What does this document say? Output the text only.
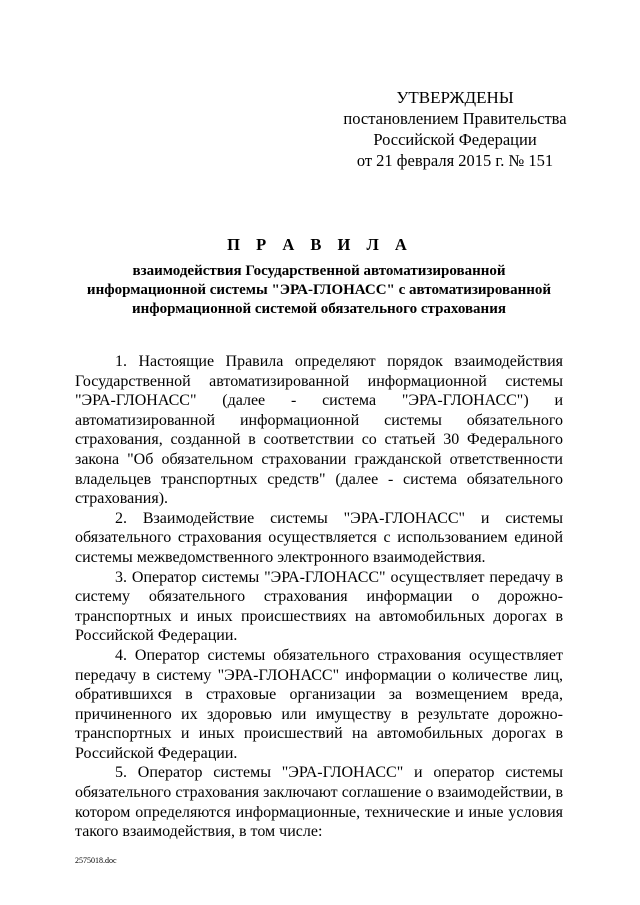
УТВЕРЖДЕНЫ
постановлением Правительства
Российской Федерации
от 21 февраля 2015 г. № 151
П Р А В И Л А
взаимодействия Государственной автоматизированной информационной системы "ЭРА-ГЛОНАСС" с автоматизированной информационной системой обязательного страхования

1. Настоящие Правила определяют порядок взаимодействия Государственной автоматизированной информационной системы "ЭРА-ГЛОНАСС" (далее - система "ЭРА-ГЛОНАСС") и автоматизированной информационной системы обязательного страхования, созданной в соответствии со статьей 30 Федерального закона "Об обязательном страховании гражданской ответственности владельцев транспортных средств" (далее - система обязательного страхования).

2. Взаимодействие системы "ЭРА-ГЛОНАСС" и системы обязательного страхования осуществляется с использованием единой системы межведомственного электронного взаимодействия.

3. Оператор системы "ЭРА-ГЛОНАСС" осуществляет передачу в систему обязательного страхования информации о дорожно-транспортных и иных происшествиях на автомобильных дорогах в Российской Федерации.

4. Оператор системы обязательного страхования осуществляет передачу в систему "ЭРА-ГЛОНАСС" информации о количестве лиц, обратившихся в страховые организации за возмещением вреда, причиненного их здоровью или имуществу в результате дорожно-транспортных и иных происшествий на автомобильных дорогах в Российской Федерации.

5. Оператор системы "ЭРА-ГЛОНАСС" и оператор системы обязательного страхования заключают соглашение о взаимодействии, в котором определяются информационные, технические и иные условия такого взаимодействия, в том числе:

2575018.doc
